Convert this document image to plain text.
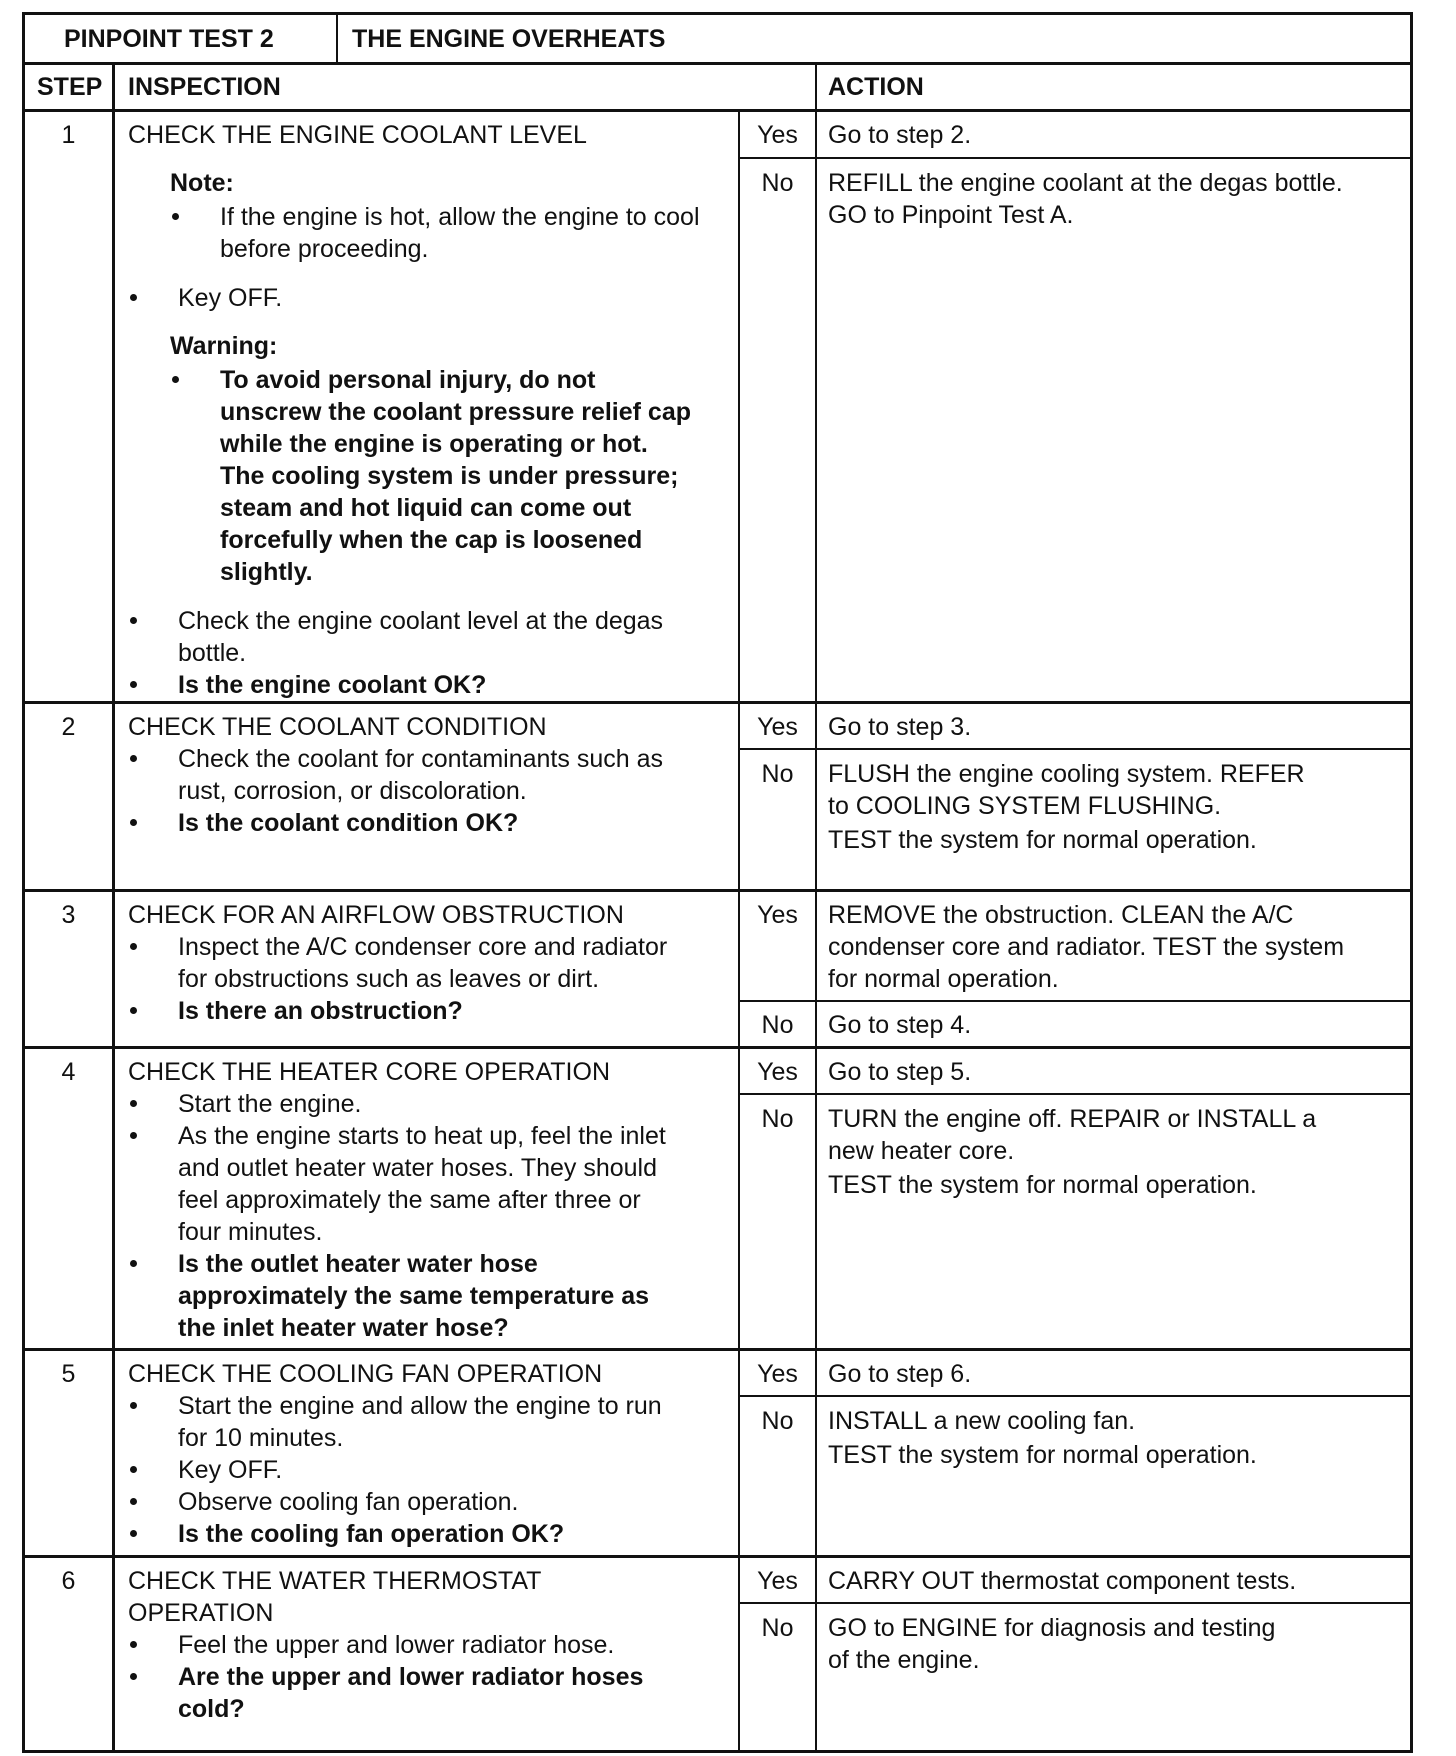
PINPOINT TEST 2	THE ENGINE OVERHEATS
STEP INSPECTION	ACTION
1	CHECK THE ENGINE COOLANT LEVEL
Note:
If the engine is hot, allow the engine to cool
before proceeding.
Key OFF.
Warning:
To avoid personal injury, do not
unscrew the coolant pressure relief cap
while the engine is operating or hot.
The cooling system is under pressure;
steam and hot liquid can come out
forcefully when the cap is loosened
slightly.
Check the engine coolant level at the degas
bottle.
Is the engine coolant OK?
Yes	Go to step 2.
No	REFILL the engine coolant at the degas bottle.
GO to Pinpoint Test A.
2	CHECK THE COOLANT CONDITION
Check the coolant for contaminants such as
rust, corrosion, or discoloration.
Is the coolant condition OK?
Yes	Go to step 3.
No	FLUSH the engine cooling system. REFER
to COOLING SYSTEM FLUSHING.
TEST the system for normal operation.
3	CHECK FOR AN AIRFLOW OBSTRUCTION
Inspect the A/C condenser core and radiator
for obstructions such as leaves or dirt.
Is there an obstruction?
Yes	REMOVE the obstruction. CLEAN the A/C
condenser core and radiator. TEST the system
for normal operation.
No	Go to step 4.
4	CHECK THE HEATER CORE OPERATION
Start the engine.
As the engine starts to heat up, feel the inlet
and outlet heater water hoses. They should
feel approximately the same after three or
four minutes.
Is the outlet heater water hose
approximately the same temperature as
the inlet heater water hose?
Yes	Go to step 5.
No	TURN the engine off. REPAIR or INSTALL a
new heater core.
TEST the system for normal operation.
5	CHECK THE COOLING FAN OPERATION
Start the engine and allow the engine to run
for 10 minutes.
Key OFF.
Observe cooling fan operation.
Is the cooling fan operation OK?
Yes	Go to step 6.
No	INSTALL a new cooling fan.
TEST the system for normal operation.
6	CHECK THE WATER THERMOSTAT
OPERATION
Feel the upper and lower radiator hose.
Are the upper and lower radiator hoses
cold?
Yes	CARRY OUT thermostat component tests.
No	GO to ENGINE for diagnosis and testing
of the engine.
